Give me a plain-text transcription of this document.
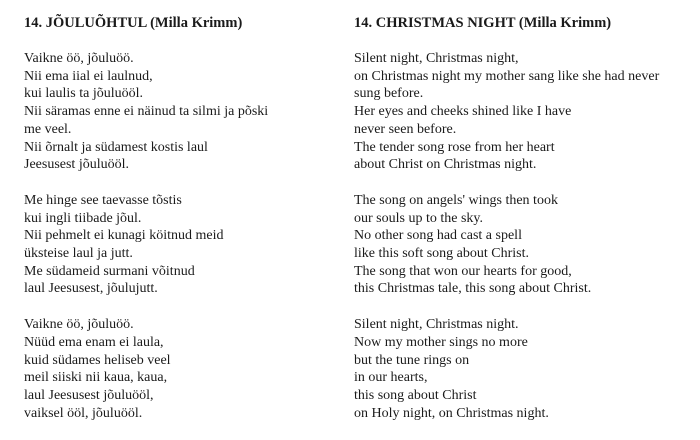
14. JÕULUÕHTUL (Milla Krimm)
Vaikne öö, jõuluöö.
Nii ema iial ei laulnud,
kui laulis ta jõuluööl.
Nii säramas enne ei näinud ta silmi ja põski
me veel.
Nii õrnalt ja südamest kostis laul
Jeesusest jõuluööl.
Me hinge see taevasse tõstis
kui ingli tiibade jõul.
Nii pehmelt ei kunagi köitnud meid
üksteise laul ja jutt.
Me südameid surmani võitnud
laul Jeesusest, jõulujutt.
Vaikne öö, jõuluöö.
Nüüd ema enam ei laula,
kuid südames heliseb veel
meil siiski nii kaua, kaua,
laul Jeesusest jõuluööl,
vaiksel ööl, jõuluööl.
14. CHRISTMAS NIGHT (Milla Krimm)
Silent night, Christmas night,
on Christmas night my mother sang like she had never
sung before.
Her eyes and cheeks shined like I have
never seen before.
The tender song rose from her heart
about Christ on Christmas night.
The song on angels' wings then took
our souls up to the sky.
No other song had cast a spell
like this soft song about Christ.
The song that won our hearts for good,
this Christmas tale, this song about Christ.
Silent night, Christmas night.
Now my mother sings no more
but the tune rings on
in our hearts,
this song about Christ
on Holy night, on Christmas night.
